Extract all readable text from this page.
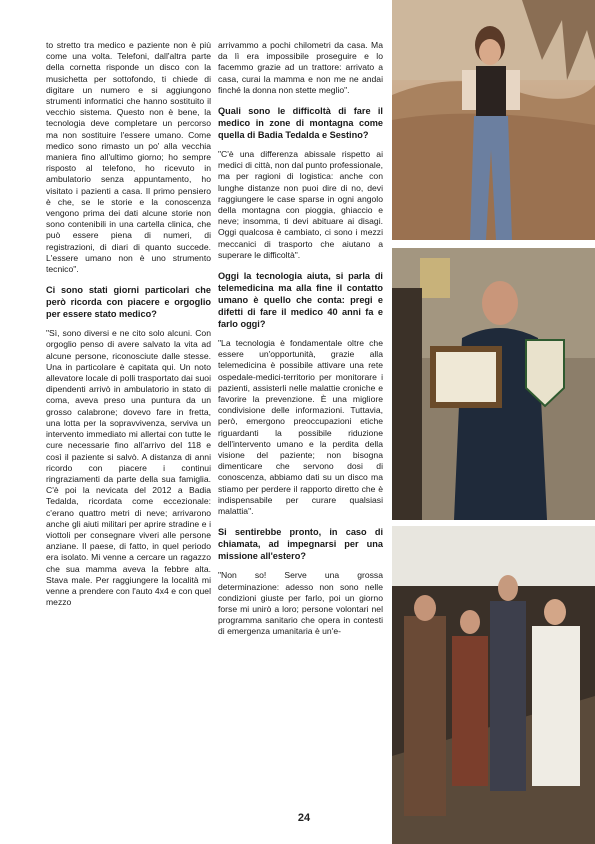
to stretto tra medico e paziente non è più come una volta. Telefoni, dall'altra parte della cornetta risponde un disco con la musichetta per sottofondo, ti chiede di digitare un numero e si aggiungono strumenti informatici che hanno sostituito il vecchio sistema. Questo non è bene, la tecnologia deve completare un percorso ma non sostituire l'essere umano. Come medico sono rimasto un po' alla vecchia maniera fino all'ultimo giorno; ho sempre risposto al telefono, ho ricevuto in ambulatorio senza appuntamento, ho visitato i pazienti a casa. Il primo pensiero è che, se le storie e la conoscenza vengono prima dei dati alcune storie non sono contenibili in una cartella clinica, che può essere piena di numeri, di registrazioni, di diari di quanto succede. L'essere umano non è uno strumento tecnico".

Ci sono stati giorni particolari che però ricorda con piacere e orgoglio per essere stato medico?

"Sì, sono diversi e ne cito solo alcuni. Con orgoglio penso di avere salvato la vita ad alcune persone, riconosciute dalle stesse. Una in particolare è capitata qui. Un noto allevatore locale di polli trasportato dai suoi dipendenti arrivò in ambulatorio in stato di coma, aveva preso una puntura da un grosso calabrone; dovevo fare in fretta, una lotta per la sopravvivenza, serviva un intervento immediato mi allertai con tutte le cure necessarie fino all'arrivo del 118 e così il paziente si salvò. A distanza di anni ricordo con piacere i continui ringraziamenti da parte della sua famiglia. C'è poi la nevicata del 2012 a Badia Tedalda, ricordata come eccezionale: c'erano quattro metri di neve; arrivarono anche gli aiuti militari per aprire stradine e i viottoli per consegnare viveri alle persone anziane. Il paese, di fatto, in quel periodo era isolato. Mi venne a cercare un ragazzo che sua mamma aveva la febbre alta. Stava male. Per raggiungere la località mi venne a prendere con l'auto 4x4 e con quel mezzo

arrivammo a pochi chilometri da casa. Ma da lì era impossibile proseguire e lo facemmo grazie ad un trattore: arrivato a casa, curai la mamma e non me ne andai finché la donna non stette meglio".

Quali sono le difficoltà di fare il medico in zone di montagna come quella di Badia Tedalda e Sestino?

"C'è una differenza abissale rispetto ai medici di città, non dal punto professionale, ma per ragioni di logistica: anche con lunghe distanze non puoi dire di no, devi raggiungere le case sparse in ogni angolo della montagna con pioggia, ghiaccio e neve; insomma, ti devi abituare ai disagi. Oggi qualcosa è cambiato, ci sono i mezzi meccanici di trasporto che aiutano a superare le difficoltà".

Oggi la tecnologia aiuta, si parla di telemedicina ma alla fine il contatto umano è quello che conta: pregi e difetti di fare il medico 40 anni fa e farlo oggi?

"La tecnologia è fondamentale oltre che essere un'opportunità, grazie alla telemedicina è possibile attivare una rete ospedale-medici-territorio per monitorare i pazienti, assisterli nelle malattie croniche e favorire la prevenzione. È una migliore condivisione delle informazioni. Tuttavia, però, emergono preoccupazioni etiche riguardanti la possibile riduzione dell'intervento umano e la perdita della visione del paziente; non bisogna dimenticare che servono dosi di conoscenza, abbiamo dati su un disco ma stiamo per perdere il rapporto diretto che è indispensabile per curare qualsiasi malattia".

Si sentirebbe pronto, in caso di chiamata, ad impegnarsi per una missione all'estero?

"Non so! Serve una grossa determinazione: adesso non sono nelle condizioni giuste per farlo, poi un giorno forse mi unirò a loro; persone volontari nel programma sanitario che opera in contesti di emergenza umanitaria è un'e-

24
